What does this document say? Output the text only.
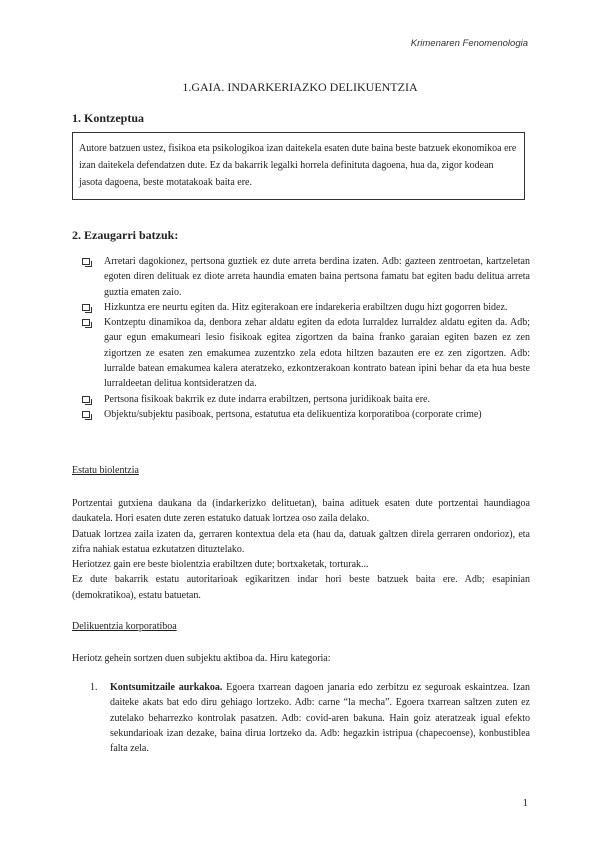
Krimenaren Fenomenologia
1.GAIA. INDARKERIAZKO DELIKUENTZIA
1. Kontzeptua
Autore batzuen ustez, fisikoa eta psikologikoa izan daitekela esaten dute baina beste batzuek ekonomikoa ere izan daitekela defendatzen dute. Ez da bakarrik legalki horrela definituta dagoena, hua da, zigor kodean jasota dagoena, beste motatakoak baita ere.
2. Ezaugarri batzuk:
Arretari dagokionez, pertsona guztiek ez dute arreta berdina izaten. Adb: gazteen zentroetan, kartzeletan egoten diren delituak ez diote arreta haundia ematen baina pertsona famatu bat egiten badu delitua arreta guztia ematen zaio.
Hizkuntza ere neurtu egiten da. Hitz egiterakoan ere indarekeria erabiltzen dugu hizt gogorren bidez.
Kontzeptu dinamikoa da, denbora zehar aldatu egiten da edota lurraldez lurraldez aldatu egiten da. Adb; gaur egun emakumeari lesio fisikoak egitea zigortzen da baina franko garaian egiten bazen ez zen zigortzen ze esaten zen emakumea zuzentzko zela edota hiltzen bazauten ere ez zen zigortzen. Adb: lurralde batean emakumea kalera ateratzeko, ezkontzerakoan kontrato batean ipini behar da eta hua beste lurraldeetan delitua kontsideratzen da.
Pertsona fisikoak bakrrik ez dute indarra erabiltzen, pertsona juridikoak baita ere.
Objektu/subjektu pasiboak, pertsona, estatutua eta delikuentiza korporatiboa (corporate crime)
Estatu biolentzia

Portzentai gutxiena daukana da (indarkerizko delituetan), baina adituek esaten dute portzentai haundiagoa daukatela. Hori esaten dute zeren estatuko datuak lortzea oso zaila delako.

Datuak lortzea zaila izaten da, gerraren kontextua dela eta (hau da, datuak galtzen direla gerraren ondorioz), eta zifra nahiak estatua ezkutatzen dituztelako.

Heriotzez gain ere beste biolentzia erabiltzen dute; bortxaketak, torturak...

Ez dute bakarrik estatu autoritarioak egikaritzen indar hori beste batzuek baita ere. Adb; esapinian (demokratikoa), estatu batuetan.

Delikuentzia korporatiboa
Heriotz gehein sortzen duen subjektu aktiboa da. Hiru kategoria:
1. Kontsumitzaile aurkakoa. Egoera txarrean dagoen janaria edo zerbitzu ez seguroak eskaintzea. Izan daiteke akats bat edo diru gehiago lortzeko. Adb: carne “la mecha”. Egoera txarrean saltzen zuten ez zutelako beharrezko kontrolak pasatzen. Adb: covid-aren bakuna. Hain goiz ateratzeak igual efekto sekundarioak izan dezake, baina dirua lortzeko da. Adb: hegazkin istripua (chapecoense), konbustiblea falta zela.
1
